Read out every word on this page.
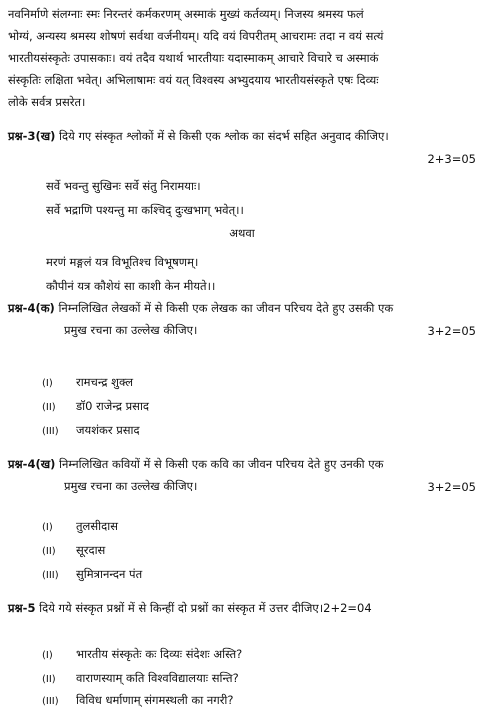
नवनिर्माणे संलग्नाः स्मः निरन्तरं कर्मकरणम् अस्माकं मुख्यं कर्तव्यम्। निजस्य श्रमस्य फलं
भोग्यं, अन्यस्य श्रमस्य शोषणं सर्वथा वर्जनीयम्। यदि वयं विपरीतम् आचरामः तदा न वयं सत्यं
भारतीयसंस्कृतेः उपासकाः। वयं तदैव यथार्थ भारतीयाः यदास्माकम् आचारे विचारे च अस्माकं
संस्कृतिः लक्षिता भवेत्। अभिलाषामः वयं यत् विश्वस्य अभ्युदयाय भारतीयसंस्कृते एषः दिव्यः
लोके सर्वत्र प्रसरेत।
प्रश्न-3(ख) दिये गए संस्कृत श्लोकों में से किसी एक श्लोक का संदर्भ सहित अनुवाद कीजिए।
2+3=05
सर्वे भवन्तु सुखिनः सर्वे संतु निरामयाः।
सर्वे भद्राणि पश्यन्तु मा कश्चिद् दुःखभाग् भवेत्।।
अथवा
मरणं मङ्गलं यत्र विभूतिश्च विभूषणम्।
कौपीनं यत्र कौशेयं सा काशी केन मीयते।।
प्रश्न-4(क) निम्नलिखित लेखकों में से किसी एक लेखक का जीवन परिचय देते हुए उसकी एक
प्रमुख रचना का उल्लेख कीजिए।	3+2=05
(I) रामचन्द्र शुक्ल
(II) डॉ0 राजेन्द्र प्रसाद
(III) जयशंकर प्रसाद
प्रश्न-4(ख) निम्नलिखित कवियों में से किसी एक कवि का जीवन परिचय देते हुए उनकी एक
प्रमुख रचना का उल्लेख कीजिए।	3+2=05
(I) तुलसीदास
(II) सूरदास
(III) सुमित्रानन्दन पंत
प्रश्न-5 दिये गये संस्कृत प्रश्नों में से किन्हीं दो प्रश्नों का संस्कृत में उत्तर दीजिए।2+2=04
(I) भारतीय संस्कृतेः कः दिव्यः संदेशः अस्ति?
(II) वाराणस्याम् कति विश्वविद्यालयाः सन्ति?
(III) विविध धर्माणाम् संगमस्थली का नगरी?
